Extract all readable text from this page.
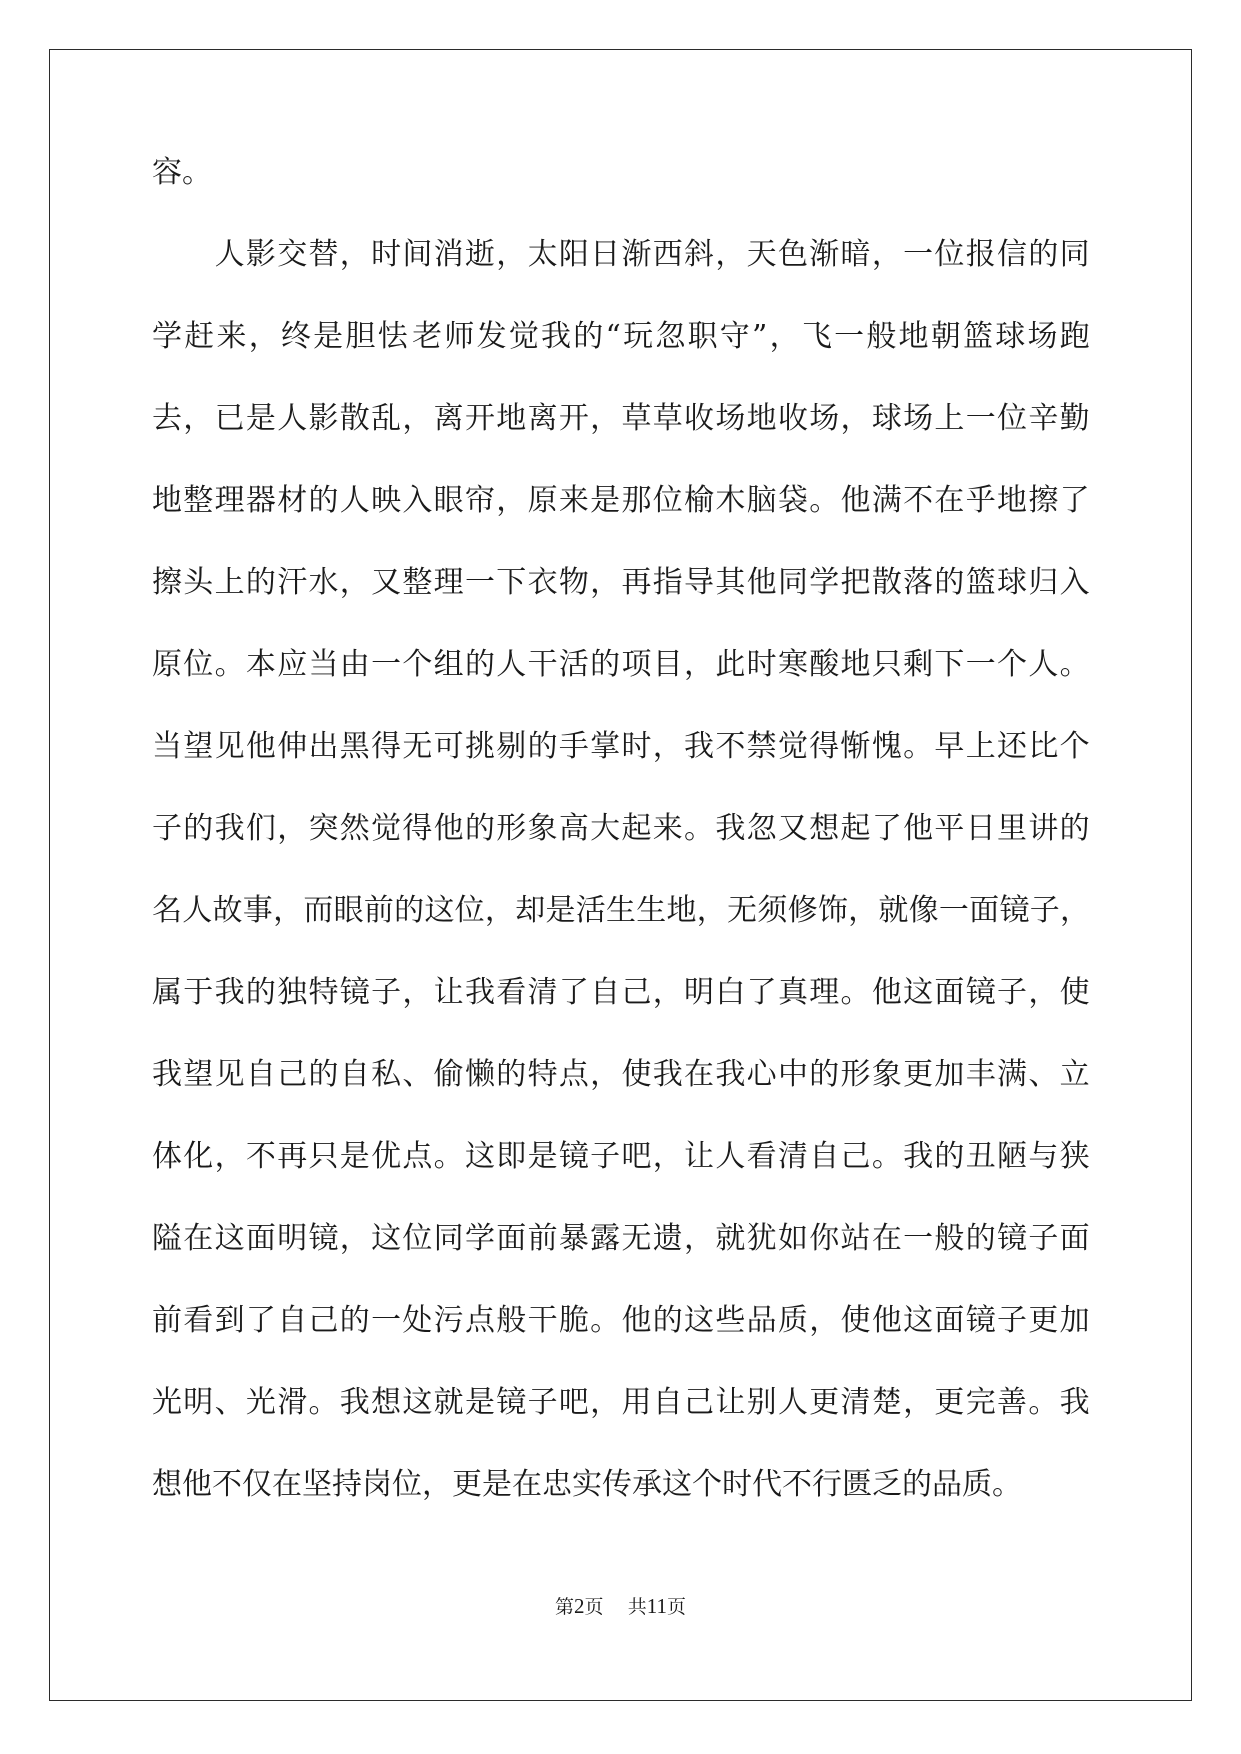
容。

人 影 交 替 ， 时 间 消 逝 ， 太 阳 日 渐 西 斜 ， 天 色 渐 暗 ， 一 位 报 信 的 同
学 赶 来 ， 终 是 胆 怯 老 师 发 觉 我 的 “ 玩 忽 职 守 ” ， 飞 一 般 地 朝 篮 球 场 跑
去 ， 已 是 人 影 散 乱 ， 离 开 地 离 开 ， 草 草 收 场 地 收 场 ， 球 场 上 一 位 辛 勤
地 整 理 器 材 的 人 映 入 眼 帘 ， 原 来 是 那 位 榆 木 脑 袋 。 他 满 不 在 乎 地 擦 了
擦 头 上 的 汗 水 ， 又 整 理 一 下 衣 物 ， 再 指 导 其 他 同 学 把 散 落 的 篮 球 归 入
原 位 。 本 应 当 由 一 个 组 的 人 干 活 的 项 目 ， 此 时 寒 酸 地 只 剩 下 一 个 人 。
当 望 见 他 伸 出 黑 得 无 可 挑 剔 的 手 掌 时 ， 我 不 禁 觉 得 惭 愧 。 早 上 还 比 个
子 的 我 们 ， 突 然 觉 得 他 的 形 象 高 大 起 来 。 我 忽 又 想 起 了 他 平 日 里 讲 的
名 人 故 事 ， 而 眼 前 的 这 位 ， 却 是 活 生 生 地 ， 无 须 修 饰 ， 就 像 一 面 镜 子 ，
属 于 我 的 独 特 镜 子 ， 让 我 看 清 了 自 己 ， 明 白 了 真 理 。 他 这 面 镜 子 ， 使
我 望 见 自 己 的 自 私 、 偷 懒 的 特 点 ， 使 我 在 我 心 中 的 形 象 更 加 丰 满 、 立
体 化 ， 不 再 只 是 优 点 。 这 即 是 镜 子 吧 ， 让 人 看 清 自 己 。 我 的 丑 陋 与 狭
隘 在 这 面 明 镜 ， 这 位 同 学 面 前 暴 露 无 遗 ， 就 犹 如 你 站 在 一 般 的 镜 子 面
前 看 到 了 自 己 的 一 处 污 点 般 干 脆 。 他 的 这 些 品 质 ， 使 他 这 面 镜 子 更 加
光 明 、 光 滑 。 我 想 这 就 是 镜 子 吧 ， 用 自 己 让 别 人 更 清 楚 ， 更 完 善 。 我
想他不仅在坚持岗位，更是在忠实传承这个时代不行匮乏的品质。
第2页 共11页
